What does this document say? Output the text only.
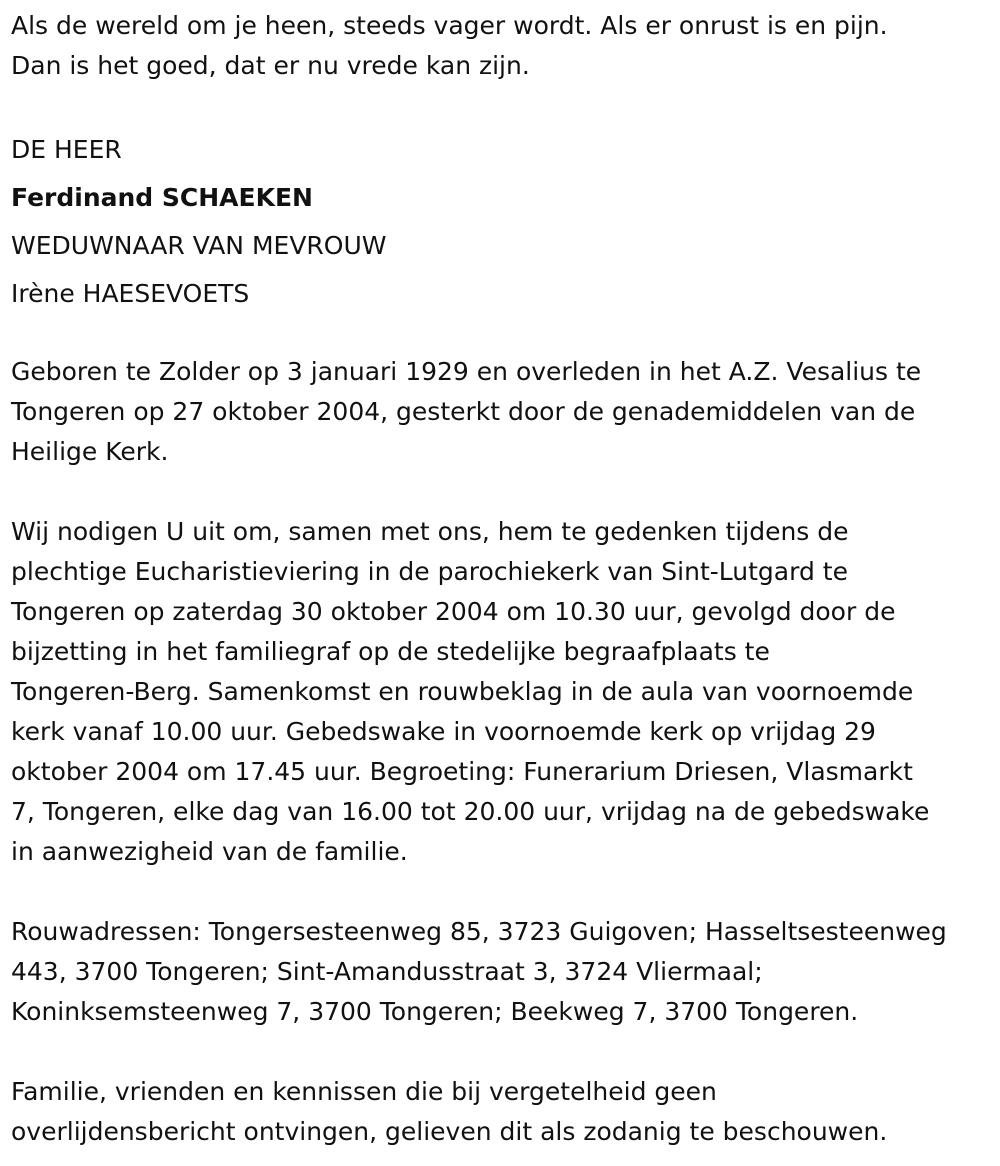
Als de wereld om je heen, steeds vager wordt. Als er onrust is en pijn.
Dan is het goed, dat er nu vrede kan zijn.
DE HEER
Ferdinand SCHAEKEN
WEDUWNAAR VAN MEVROUW
Irène HAESEVOETS
Geboren te Zolder op 3 januari 1929 en overleden in het A.Z. Vesalius te
Tongeren op 27 oktober 2004, gesterkt door de genademiddelen van de
Heilige Kerk.
Wij nodigen U uit om, samen met ons, hem te gedenken tijdens de
plechtige Eucharistieviering in de parochiekerk van Sint-Lutgard te
Tongeren op zaterdag 30 oktober 2004 om 10.30 uur, gevolgd door de
bijzetting in het familiegraf op de stedelijke begraafplaats te
Tongeren-Berg. Samenkomst en rouwbeklag in de aula van voornoemde
kerk vanaf 10.00 uur. Gebedswake in voornoemde kerk op vrijdag 29
oktober 2004 om 17.45 uur. Begroeting: Funerarium Driesen, Vlasmarkt
7, Tongeren, elke dag van 16.00 tot 20.00 uur, vrijdag na de gebedswake
in aanwezigheid van de familie.
Rouwadressen: Tongersesteenweg 85, 3723 Guigoven; Hasseltsesteenweg
443, 3700 Tongeren; Sint-Amandusstraat 3, 3724 Vliermaal;
Koninksemsteenweg 7, 3700 Tongeren; Beekweg 7, 3700 Tongeren.
Familie, vrienden en kennissen die bij vergetelheid geen
overlijdensbericht ontvingen, gelieven dit als zodanig te beschouwen.
